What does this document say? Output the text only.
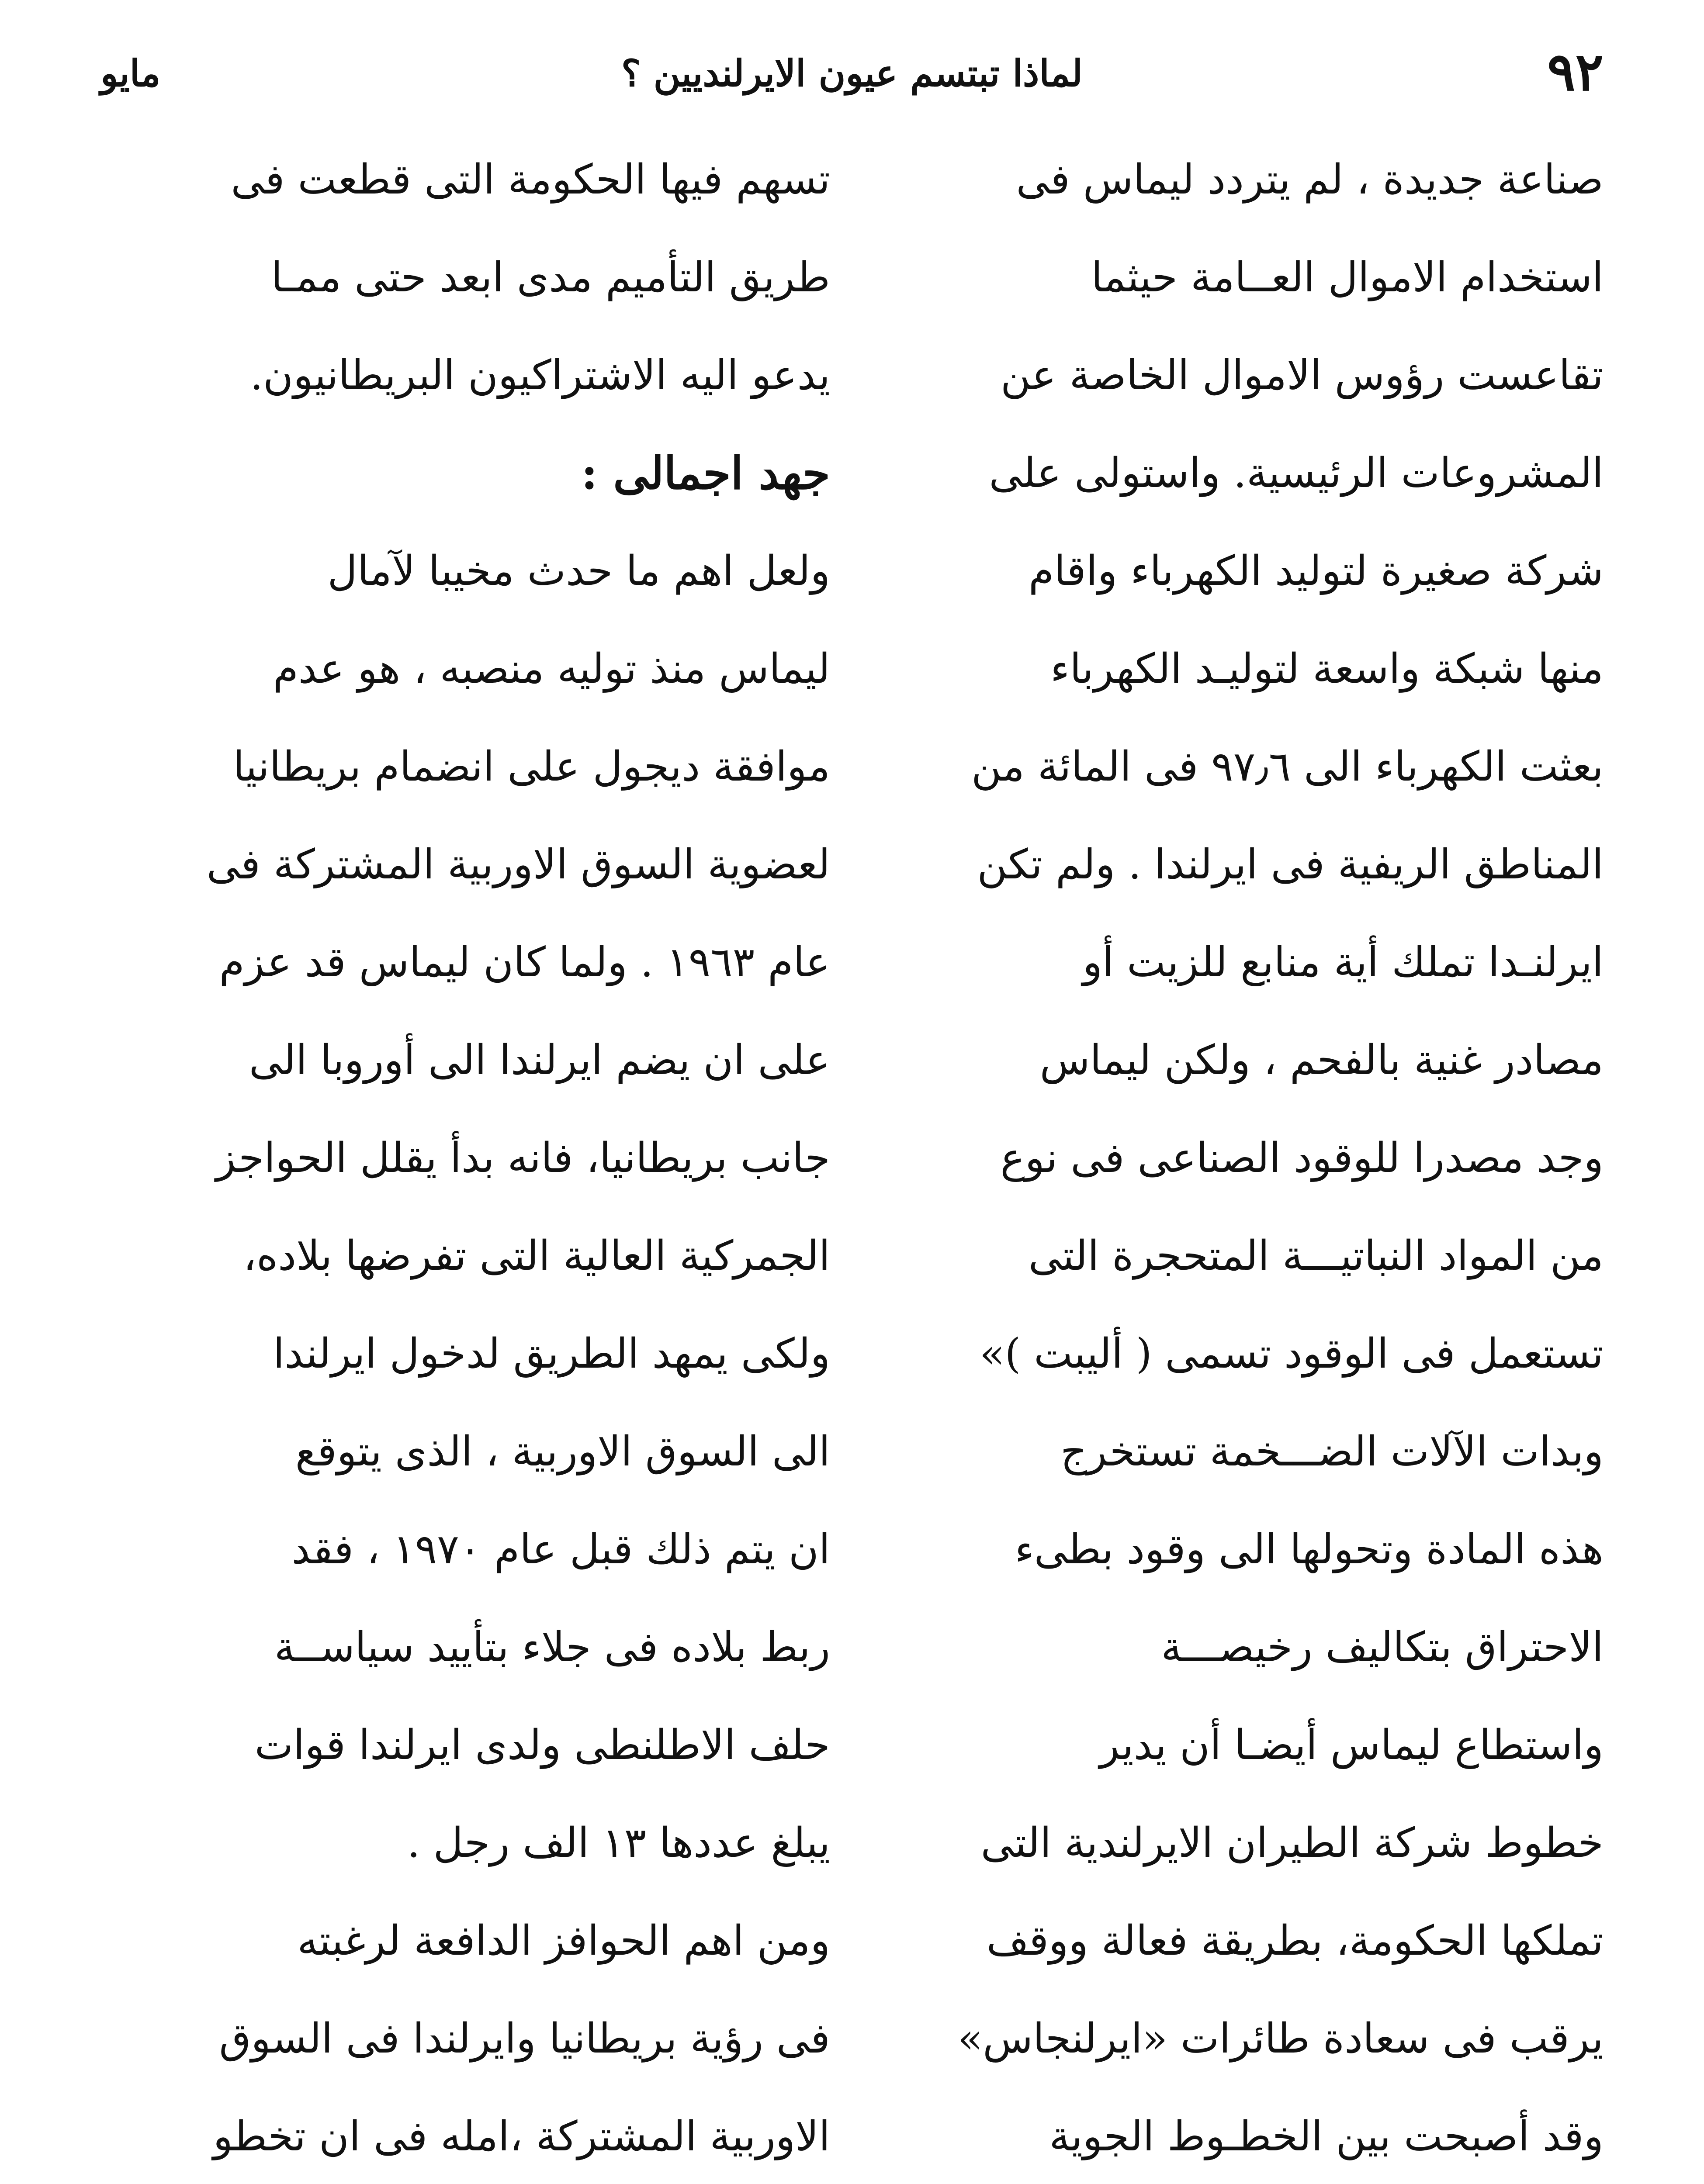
٩٢
لماذا تبتسم عيون الايرلنديين ؟
مايو
صناعة جديدة ، لم يتردد ليماس فى
استخدام الاموال العــامة حيثما
تقاعست رؤوس الاموال الخاصة عن
المشروعات الرئيسية. واستولى على
شركة صغيرة لتوليد الكهرباء واقام
منها شبكة واسعة لتوليـد الكهرباء
بعثت الكهرباء الى ٩٧٫٦ فى المائة من
المناطق الريفية فى ايرلندا . ولم تكن
ايرلنـدا تملك أية منابع للزيت أو
مصادر غنية بالفحم ، ولكن ليماس
وجد مصدرا للوقود الصناعى فى نوع
من المواد النباتيـــة المتحجرة التى
تستعمل فى الوقود تسمى ( أليبت )»
وبدات الآلات الضـــخمة تستخرج
هذه المادة وتحولها الى وقود بطىء
الاحتراق بتكاليف رخيصـــة
واستطاع ليماس أيضـا أن يدير
خطوط شركة الطيران الايرلندية التى
تملكها الحكومة، بطريقة فعالة ووقف
يرقب فى سعادة طائرات «ايرلنجاس»
وقد أصبحت بين الخطـوط الجوية
تسهم فيها الحكومة التى قطعت فى
طريق التأميم مدى ابعد حتى ممـا
يدعو اليه الاشتراكيون البريطانيون.
جهد اجمالى :
ولعل اهم ما حدث مخيبا لآمال
ليماس منذ توليه منصبه ، هو عدم
موافقة ديجول على انضمام بريطانيا
لعضوية السوق الاوربية المشتركة فى
عام ١٩٦٣ . ولما كان ليماس قد عزم
على ان يضم ايرلندا الى أوروبا الى
جانب بريطانيا، فانه بدأ يقلل الحواجز
الجمركية العالية التى تفرضها بلاده،
ولكى يمهد الطريق لدخول ايرلندا
الى السوق الاوربية ، الذى يتوقع
ان يتم ذلك قبل عام ١٩٧٠ ، فقد
ربط بلاده فى جلاء بتأييد سياســة
حلف الاطلنطى ولدى ايرلندا قوات
يبلغ عددها ١٣ الف رجل .
ومن اهم الحوافز الدافعة لرغبته
فى رؤية بريطانيا وايرلندا فى السوق
الاوربية المشتركة ،امله فى ان تخطو
